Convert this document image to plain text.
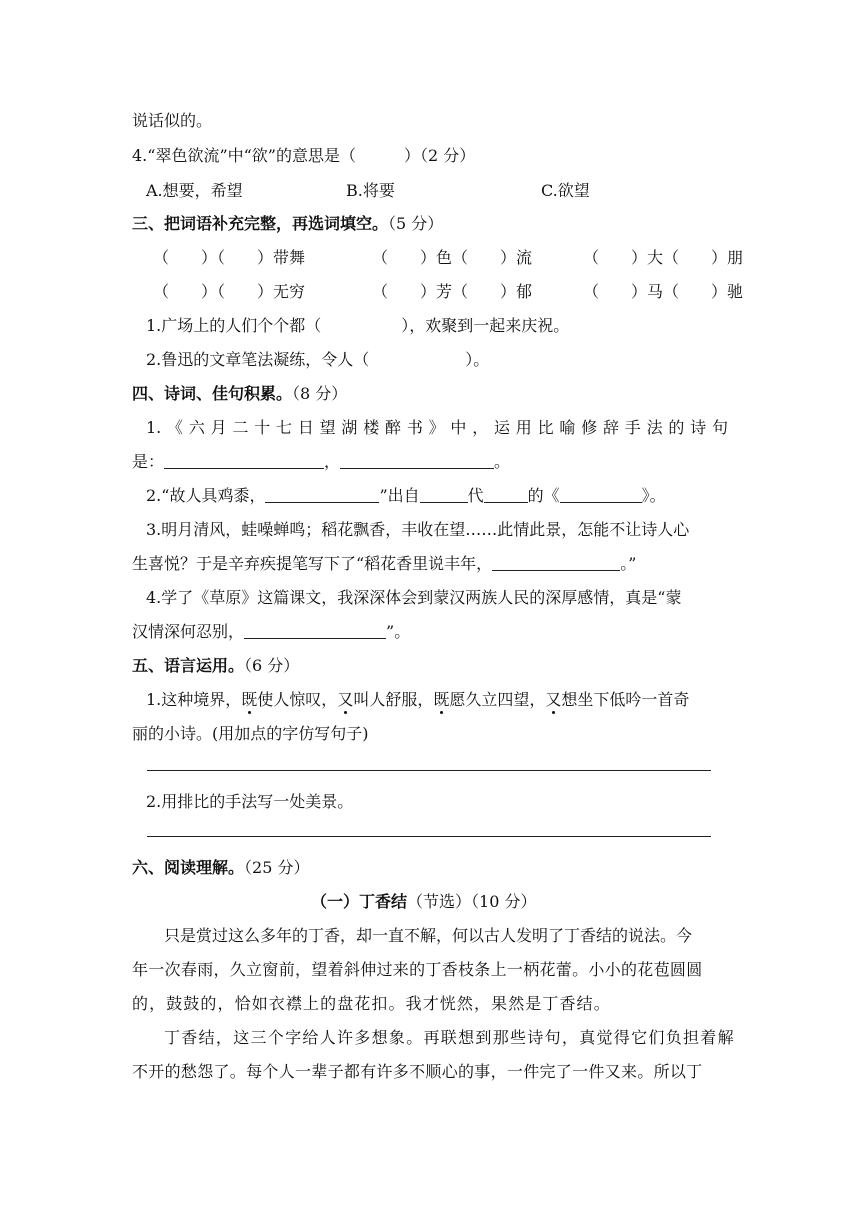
说话似的。
4.“翠色欲流”中“欲”的意思是（　　　）（2 分）
A.想要，希望	B.将要	C.欲望
三、把词语补充完整，再选词填空。（5 分）
（　　）（　　）带舞	（　　）色（　　）流	（　　）大（　　）朋
（　　）（　　）无穷	（　　）芳（　　）郁	（　　）马（　　）驰
1.广场上的人们个个都（　　　　　），欢聚到一起来庆祝。
2.鲁迅的文章笔法凝练，令人（　　　　　　）。
四、诗词、佳句积累。（8 分）
1. 《 六 月 二 十 七 日 望 湖 楼 醉 书 》 中 ， 运 用 比 喻 修 辞 手 法 的 诗 句
是：	，	。
2.“故人具鸡黍，	”出自	代	的《	》。
3.明月清风，蛙噪蝉鸣；稻花飘香，丰收在望……此情此景，怎能不让诗人心
生喜悦？于是辛弃疾提笔写下了“稻花香里说丰年，	。”
4.学了《草原》这篇课文，我深深体会到蒙汉两族人民的深厚感情，真是“蒙
汉情深何忍别，	”。
五、语言运用。（6 分）
1.这种境界，既使人惊叹，又叫人舒服，既愿久立四望，又想坐下低吟一首奇
丽的小诗。(用加点的字仿写句子)
2.用排比的手法写一处美景。
六、阅读理解。（25 分）
（一）丁香结（节选）（10 分）
只是赏过这么多年的丁香，却一直不解，何以古人发明了丁香结的说法。今
年一次春雨，久立窗前，望着斜伸过来的丁香枝条上一柄花蕾。小小的花苞圆圆
的，鼓鼓的，恰如衣襟上的盘花扣。我才恍然，果然是丁香结。
丁香结，这三个字给人许多想象。再联想到那些诗句，真觉得它们负担着解
不开的愁怨了。每个人一辈子都有许多不顺心的事，一件完了一件又来。所以丁
